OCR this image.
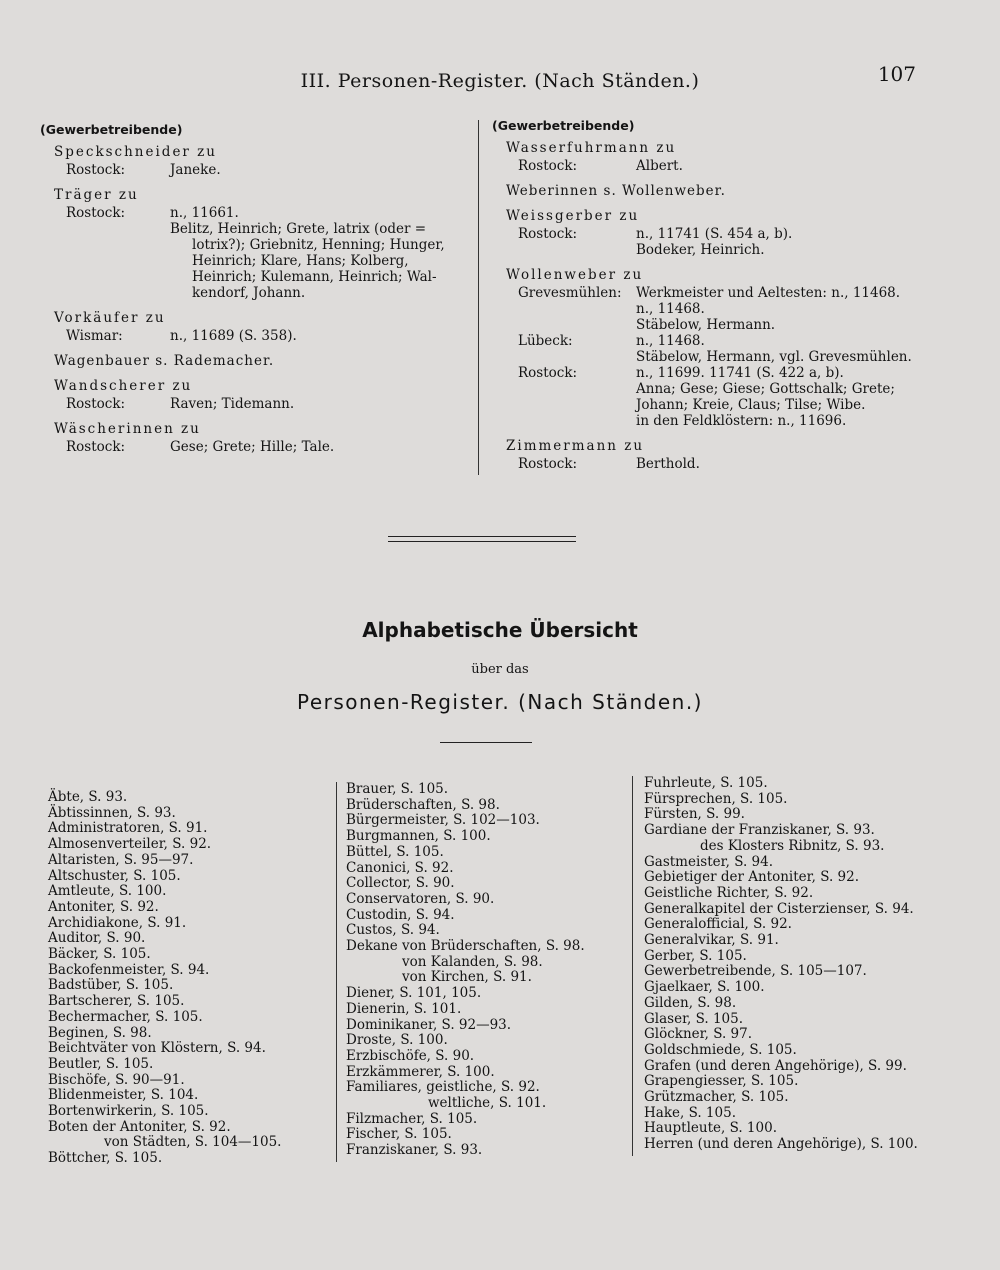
III. Personen-Register. (Nach Ständen.)	107
(Gewerbetreibende)
Speckschneider zu
Rostock:	Janeke.
Träger zu
Rostock:	n., 11661.
Belitz, Heinrich; Grete, latrix (oder =
lotrix?); Griebnitz, Henning; Hunger,
Heinrich; Klare, Hans; Kolberg,
Heinrich; Kulemann, Heinrich; Wal-
kendorf, Johann.
Vorkäufer zu
Wismar:	n., 11689 (S. 358).
Wagenbauer s. Rademacher.
Wandscherer zu
Rostock:	Raven; Tidemann.
Wäscherinnen zu
Rostock:	Gese; Grete; Hille; Tale.
(Gewerbetreibende)
Wasserfuhrmann zu
Rostock:	Albert.
Weberinnen s. Wollenweber.
Weissgerber zu
Rostock:	n., 11741 (S. 454 a, b).
Bodeker, Heinrich.
Wollenweber zu
Grevesmühlen:	Werkmeister und Aeltesten: n., 11468.
n., 11468.
Stäbelow, Hermann.
Lübeck:	n., 11468.
Stäbelow, Hermann, vgl. Grevesmühlen.
Rostock:	n., 11699. 11741 (S. 422 a, b).
Anna; Gese; Giese; Gottschalk; Grete;
Johann; Kreie, Claus; Tilse; Wibe.
in den Feldklöstern: n., 11696.
Zimmermann zu
Rostock:	Berthold.
Alphabetische Übersicht
über das
Personen-Register. (Nach Ständen.)
Äbte, S. 93.
Äbtissinnen, S. 93.
Administratoren, S. 91.
Almosenverteiler, S. 92.
Altaristen, S. 95—97.
Altschuster, S. 105.
Amtleute, S. 100.
Antoniter, S. 92.
Archidiakone, S. 91.
Auditor, S. 90.
Bäcker, S. 105.
Backofenmeister, S. 94.
Badstüber, S. 105.
Bartscherer, S. 105.
Bechermacher, S. 105.
Beginen, S. 98.
Beichtväter von Klöstern, S. 94.
Beutler, S. 105.
Bischöfe, S. 90—91.
Blidenmeister, S. 104.
Bortenwirkerin, S. 105.
Boten der Antoniter, S. 92.
von Städten, S. 104—105.
Böttcher, S. 105.
Brauer, S. 105.
Brüderschaften, S. 98.
Bürgermeister, S. 102—103.
Burgmannen, S. 100.
Büttel, S. 105.
Canonici, S. 92.
Collector, S. 90.
Conservatoren, S. 90.
Custodin, S. 94.
Custos, S. 94.
Dekane von Brüderschaften, S. 98.
von Kalanden, S. 98.
von Kirchen, S. 91.
Diener, S. 101, 105.
Dienerin, S. 101.
Dominikaner, S. 92—93.
Droste, S. 100.
Erzbischöfe, S. 90.
Erzkämmerer, S. 100.
Familiares, geistliche, S. 92.
weltliche, S. 101.
Filzmacher, S. 105.
Fischer, S. 105.
Franziskaner, S. 93.
Fuhrleute, S. 105.
Fürsprechen, S. 105.
Fürsten, S. 99.
Gardiane der Franziskaner, S. 93.
des Klosters Ribnitz, S. 93.
Gastmeister, S. 94.
Gebietiger der Antoniter, S. 92.
Geistliche Richter, S. 92.
Generalkapitel der Cisterzienser, S. 94.
Generalofficial, S. 92.
Generalvikar, S. 91.
Gerber, S. 105.
Gewerbetreibende, S. 105—107.
Gjaelkaer, S. 100.
Gilden, S. 98.
Glaser, S. 105.
Glöckner, S. 97.
Goldschmiede, S. 105.
Grafen (und deren Angehörige), S. 99.
Grapengiesser, S. 105.
Grützmacher, S. 105.
Hake, S. 105.
Hauptleute, S. 100.
Herren (und deren Angehörige), S. 100.
